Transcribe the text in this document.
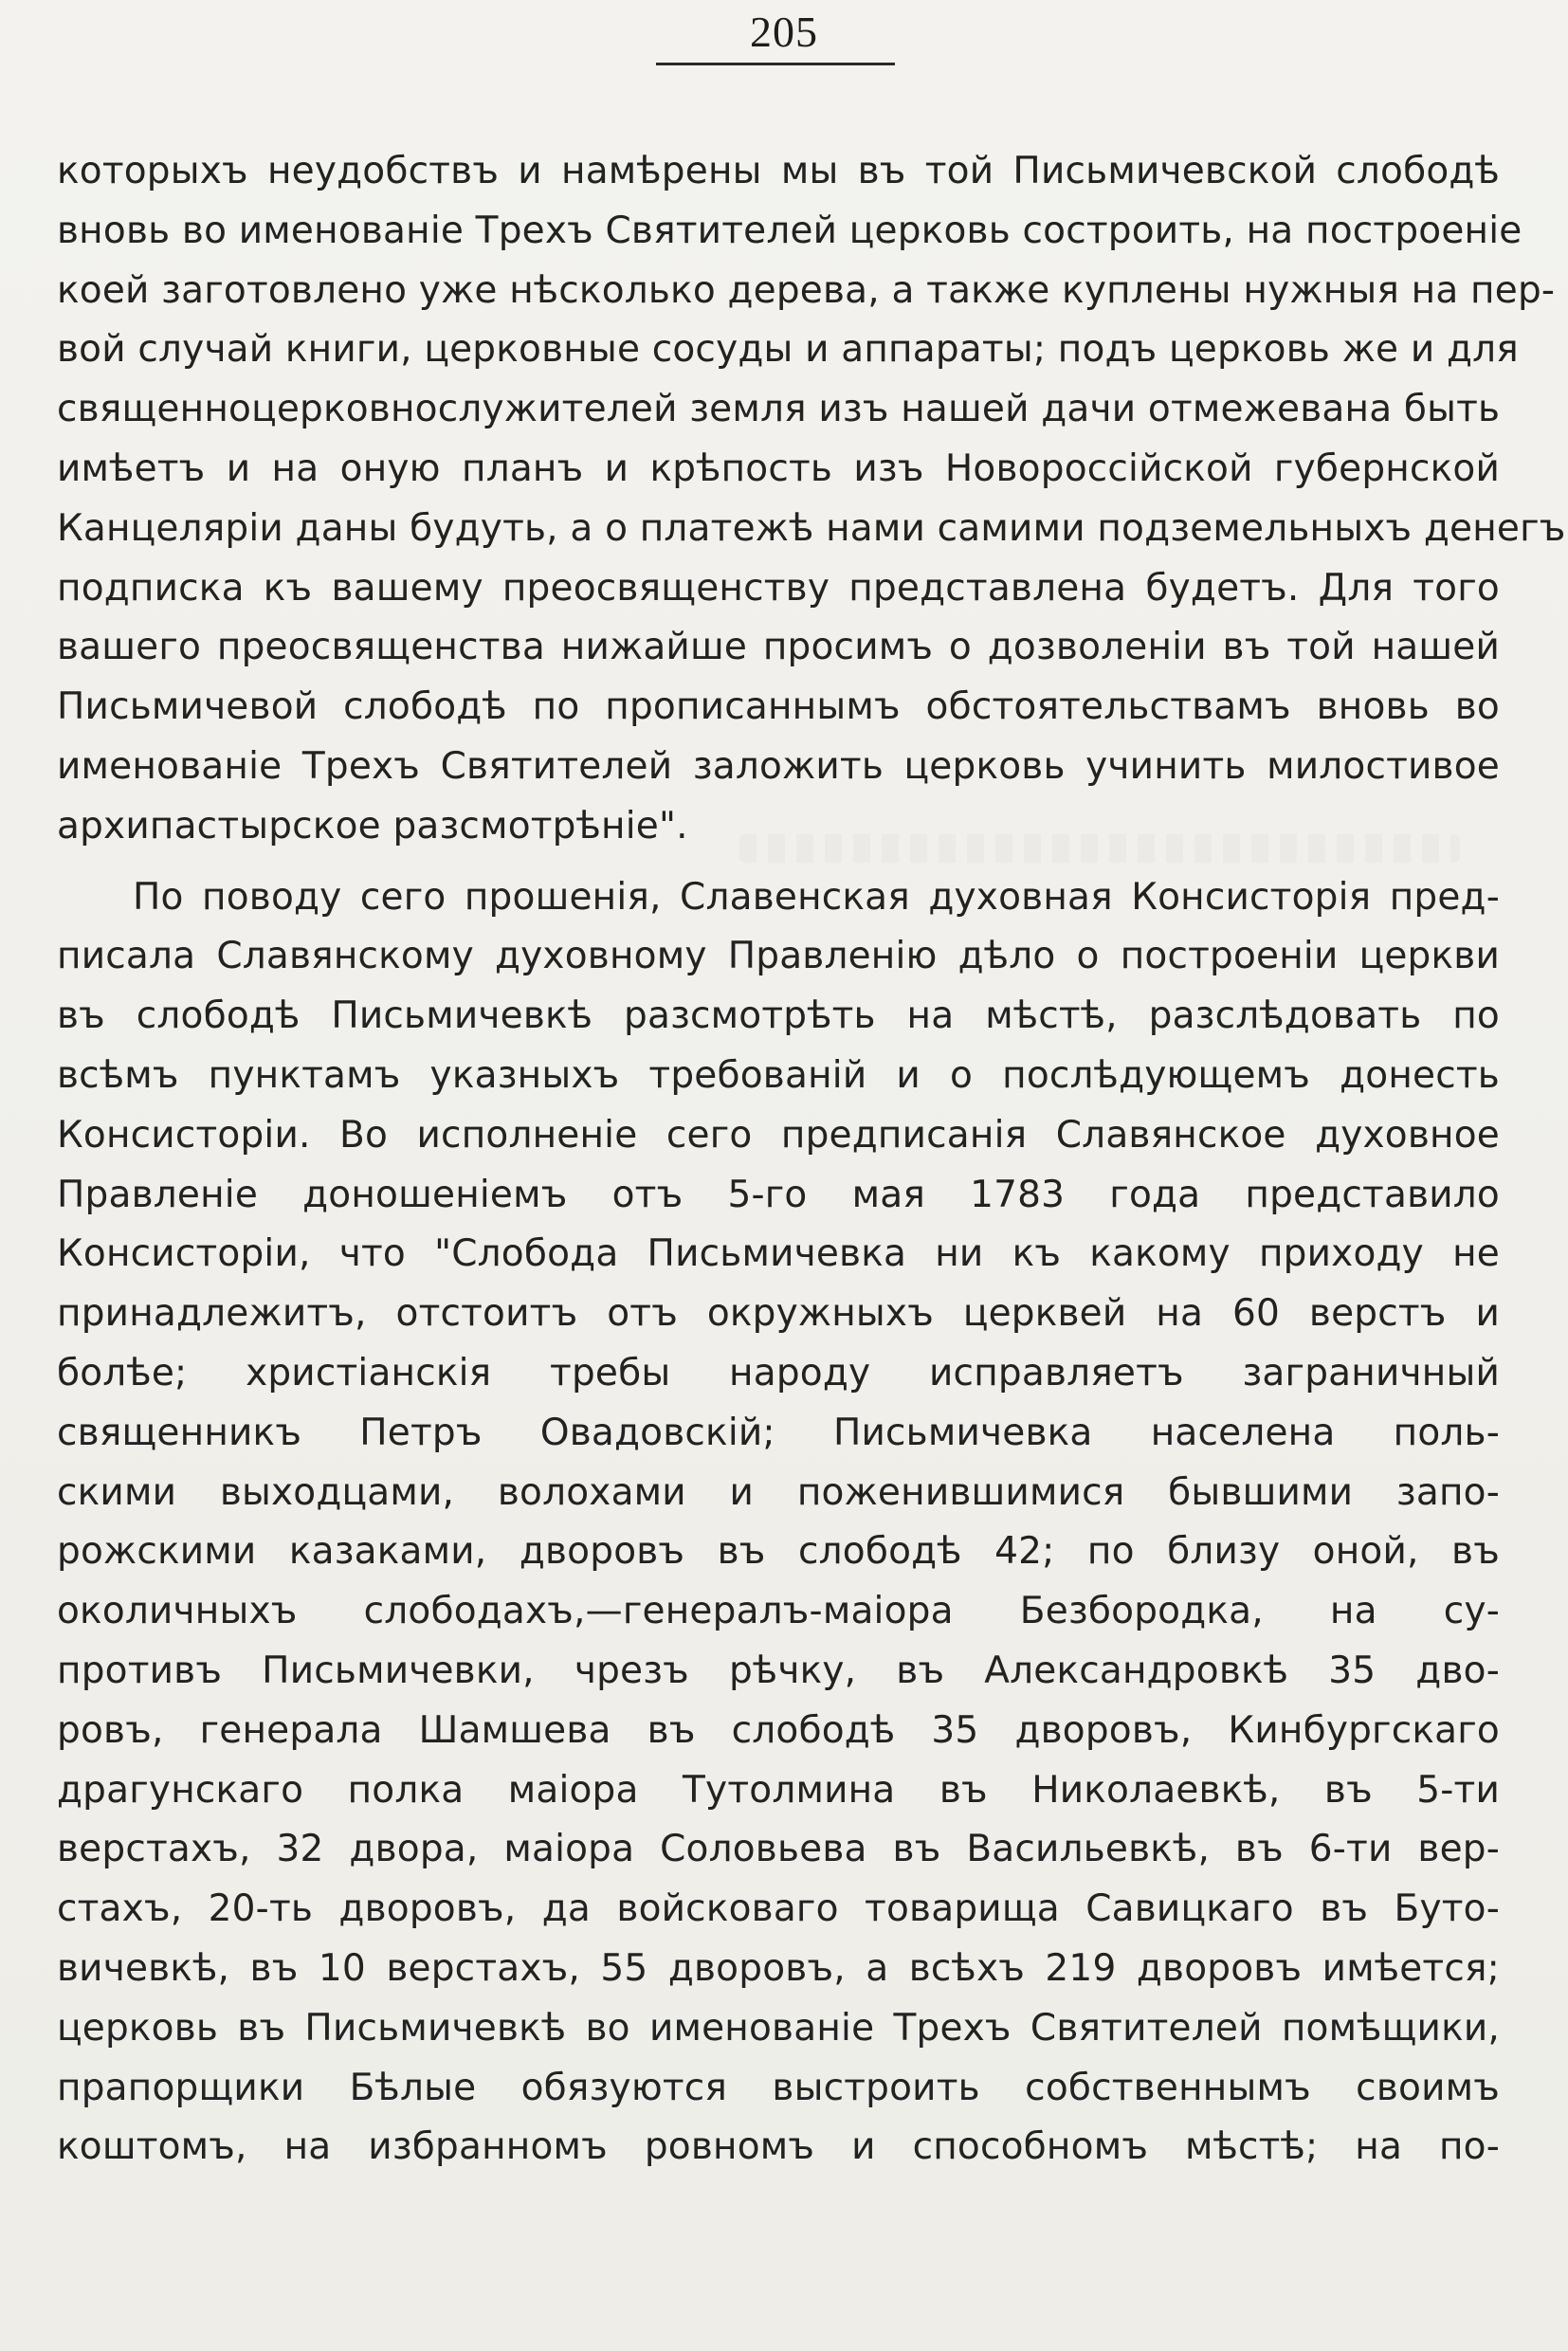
205
которыхъ неудобствъ и намѣрены мы въ той Письмичевской слободѣ
вновь во именованіе Трехъ Святителей церковь состроить, на построеніе
коей заготовлено уже нѣсколько дерева, а также куплены нужныя на пер-
вой случай книги, церковные сосуды и аппараты; подъ церковь же и для
священноцерковнослужителей земля изъ нашей дачи отмежевана быть
имѣетъ и на оную планъ и крѣпость изъ Новороссійской губернской
Канцеляріи даны будуть, а о платежѣ нами самими подземельныхъ денегъ
подписка къ вашему преосвященству представлена будетъ. Для того
вашего преосвященства нижайше просимъ о дозволеніи въ той нашей
Письмичевой слободѣ по прописаннымъ обстоятельствамъ вновь во
именованіе Трехъ Святителей заложить церковь учинить милостивое
архипастырское разсмотрѣніе".
По поводу сего прошенія, Славенская духовная Консисторія пред-
писала Славянскому духовному Правленію дѣло о построеніи церкви
въ слободѣ Письмичевкѣ разсмотрѣть на мѣстѣ, разслѣдовать по
всѣмъ пунктамъ указныхъ требованій и о послѣдующемъ донесть
Консисторіи. Во исполненіе сего предписанія Славянское духовное
Правленіе доношеніемъ отъ 5-го мая 1783 года представило
Консисторіи, что "Слобода Письмичевка ни къ какому приходу не
принадлежитъ, отстоитъ отъ окружныхъ церквей на 60 верстъ и
болѣе; христіанскія требы народу исправляетъ заграничный
священникъ Петръ Овадовскій; Письмичевка населена поль-
скими выходцами, волохами и поженившимися бывшими запо-
рожскими казаками, дворовъ въ слободѣ 42; по близу оной, въ
околичныхъ слободахъ,—генералъ-маіора Безбородка, на су-
противъ Письмичевки, чрезъ рѣчку, въ Александровкѣ 35 дво-
ровъ, генерала Шамшева въ слободѣ 35 дворовъ, Кинбургскаго
драгунскаго полка маіора Тутолмина въ Николаевкѣ, въ 5-ти
верстахъ, 32 двора, маіора Соловьева въ Васильевкѣ, въ 6-ти вер-
стахъ, 20-ть дворовъ, да войсковаго товарища Савицкаго въ Буто-
вичевкѣ, въ 10 верстахъ, 55 дворовъ, а всѣхъ 219 дворовъ имѣется;
церковь въ Письмичевкѣ во именованіе Трехъ Святителей помѣщики,
прапорщики Бѣлые обязуются выстроить собственнымъ своимъ
коштомъ, на избранномъ ровномъ и способномъ мѣстѣ; на по-
